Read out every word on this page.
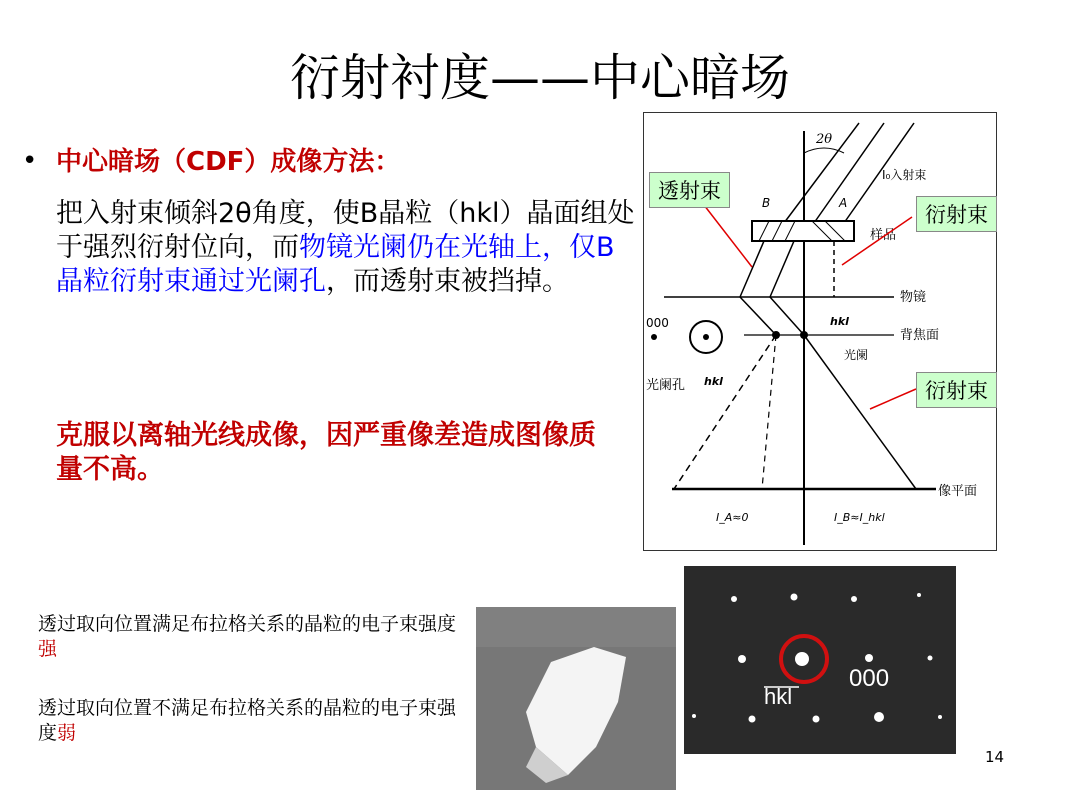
衍射衬度——中心暗场
• 中心暗场（CDF）成像方法：
把入射束倾斜2θ角度，使B晶粒（hkl）晶面组处于强烈衍射位向，而物镜光阑仍在光轴上，仅B晶粒衍射束通过光阑孔，而透射束被挡掉。
克服以离轴光线成像，因严重像差造成图像质量不高。
2θ
I₀入射束
B	A
样品
物镜
背焦面
hkl
光阑
000
光阑孔 hkl
像平面
I_A≈0	I_B≈I_hkl
透射束
衍射束
衍射束
透过取向位置满足布拉格关系的晶粒的电子束强度强
透过取向位置不满足布拉格关系的晶粒的电子束强度弱
hkl
000
14
